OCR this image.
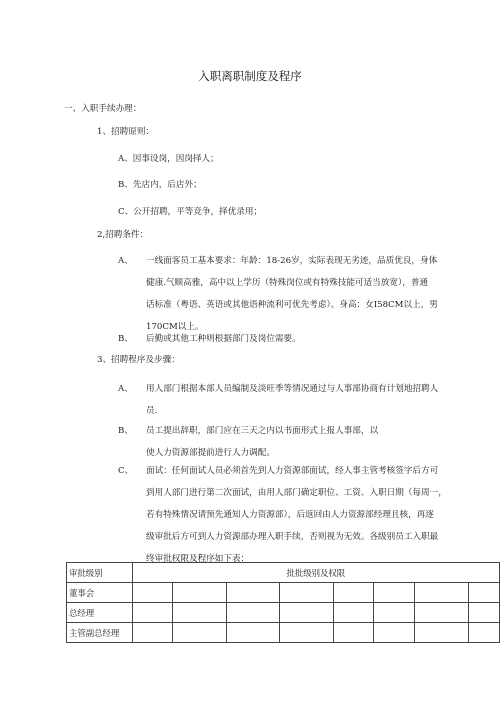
入职离职制度及程序
一、入职手续办理：
1、招聘原则：
A、因事设岗，因岗择人；
B、先店内，后店外；
C、公开招聘，平等竞争，择优录用；
2,招聘条件：
A、 一线面客员工基本要求：年龄：18-26岁，实际表现无劣迹，品质优良，身体
健康.气顺高雅，高中以上学历（特殊岗位或有特殊技能可适当放宽），普通
话标准（粤语、英语或其他语种流利可优先考虑）。身高：女I58CM以上，男
170CM以上。
B、 后勤或其他工种则根据部门及岗位需要。
3、招聘程序及步骤：
A、 用人部门根据本部人员编制及淡旺季等情况通过与人事部协商有计划地招聘人
员.
B、 员工提出辞职，部门应在三天之内以书面形式上报人事部，以
使人力资源部提前进行人力调配。
C、 面试：任何面试人员必须首先到人力资源部面试，经人事主管考核签字后方可
到用人部门进行第二次面试，由用人部门确定职位、工资、入职日期（每周一，
若有特殊情况请预先通知人力资源部），后返回由人力资源部经理且核，再逐
级审批后方可到人力资源部办理入职手续，否则视为无效。各级别员工入职最
终审批权限及程序如下表：
审批级别	批批级别及权限							
董事会								
总经理								
主管副总经理								
